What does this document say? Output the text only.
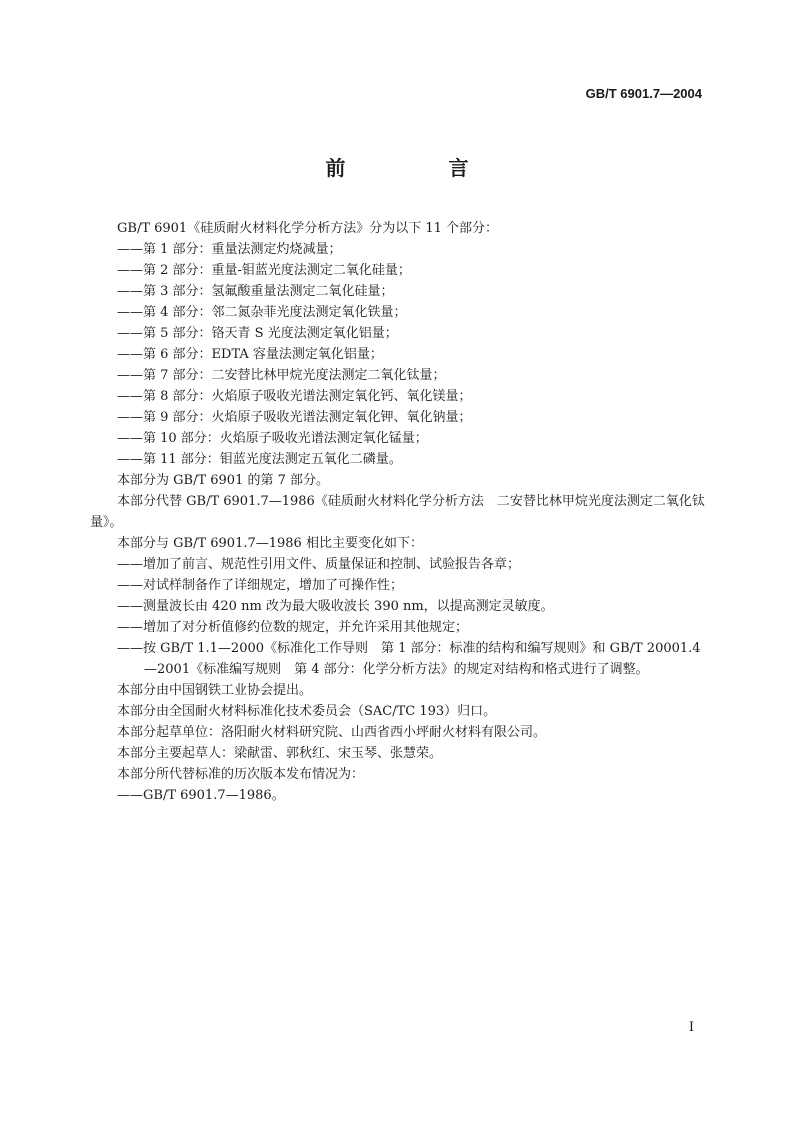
GB/T 6901.7—2004
前 言

GB/T 6901《硅质耐火材料化学分析方法》分为以下 11 个部分：

——第 1 部分：重量法测定灼烧减量；
——第 2 部分：重量-钼蓝光度法测定二氧化硅量；
——第 3 部分：氢氟酸重量法测定二氧化硅量；
——第 4 部分：邻二氮杂菲光度法测定氧化铁量；
——第 5 部分：铬天青 S 光度法测定氧化铝量；
——第 6 部分：EDTA 容量法测定氧化铝量；
——第 7 部分：二安替比林甲烷光度法测定二氧化钛量；
——第 8 部分：火焰原子吸收光谱法测定氧化钙、氧化镁量；
——第 9 部分：火焰原子吸收光谱法测定氧化钾、氧化钠量；
——第 10 部分：火焰原子吸收光谱法测定氧化锰量；
——第 11 部分：钼蓝光度法测定五氧化二磷量。

本部分为 GB/T 6901 的第 7 部分。

本部分代替 GB/T 6901.7—1986《硅质耐火材料化学分析方法　二安替比林甲烷光度法测定二氧化钛量》。

本部分与 GB/T 6901.7—1986 相比主要变化如下：

——增加了前言、规范性引用文件、质量保证和控制、试验报告各章；
——对试样制备作了详细规定，增加了可操作性；
——测量波长由 420 nm 改为最大吸收波长 390 nm，以提高测定灵敏度。
——增加了对分析值修约位数的规定，并允许采用其他规定；
——按 GB/T 1.1—2000《标准化工作导则　第 1 部分：标准的结构和编写规则》和 GB/T 20001.4—2001《标准编写规则　第 4 部分：化学分析方法》的规定对结构和格式进行了调整。

本部分由中国钢铁工业协会提出。

本部分由全国耐火材料标准化技术委员会（SAC/TC 193）归口。

本部分起草单位：洛阳耐火材料研究院、山西省西小坪耐火材料有限公司。

本部分主要起草人：梁献雷、郭秋红、宋玉琴、张慧荣。

本部分所代替标准的历次版本发布情况为：

——GB/T 6901.7—1986。
I
